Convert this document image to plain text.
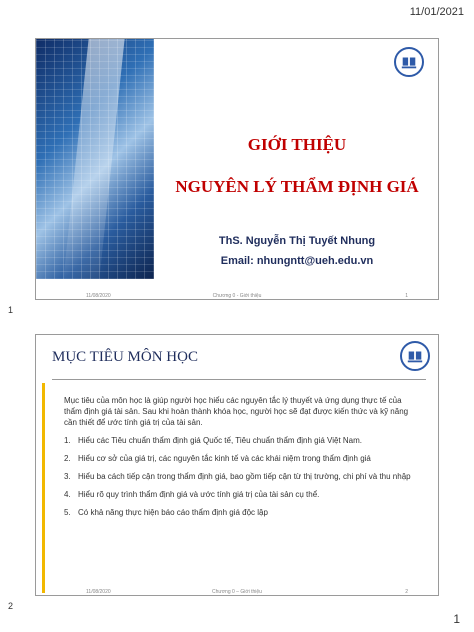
11/01/2021
GIỚI THIỆU
NGUYÊN LÝ THẨM ĐỊNH GIÁ
ThS. Nguyễn Thị Tuyết Nhung
Email: nhungntt@ueh.edu.vn
11/08/2020	Chương 0 - Giới thiệu	1
1
MỤC TIÊU MÔN HỌC

Mục tiêu của môn học là giúp người học hiểu các nguyên tắc lý thuyết và ứng dụng thực tế của thẩm định giá tài sản. Sau khi hoàn thành khóa học, người học sẽ đạt được kiến thức và kỹ năng cần thiết để ước tính giá trị của tài sản.

1. Hiểu các Tiêu chuẩn thẩm định giá Quốc tế, Tiêu chuẩn thẩm định giá Việt Nam.
2. Hiểu cơ sở của giá trị, các nguyên tắc kinh tế và các khái niệm trong thẩm định giá
3. Hiểu ba cách tiếp cận trong thẩm định giá, bao gồm tiếp cận từ thị trường, chi phí và thu nhập
4. Hiểu rõ quy trình thẩm định giá và ước tính giá trị của tài sản cụ thể.
5. Có khả năng thực hiện báo cáo thẩm định giá độc lập
11/08/2020	Chương 0 – Giới thiệu	2
2
1
